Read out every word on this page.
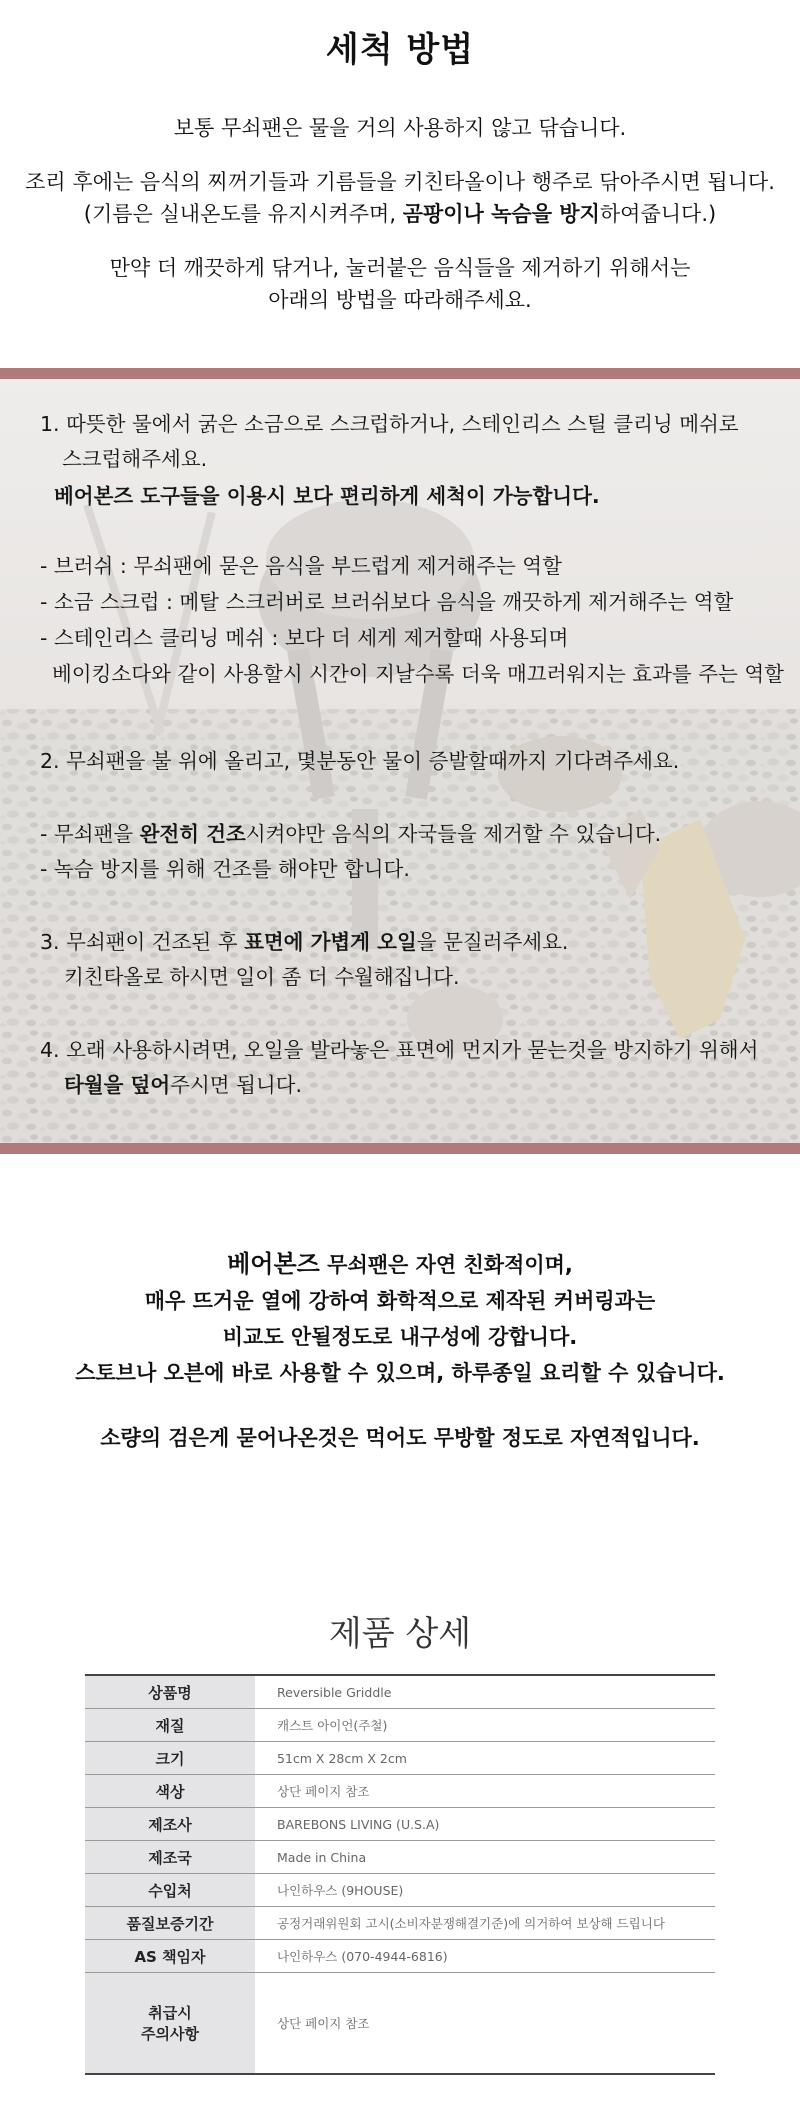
세척 방법

보통 무쇠팬은 물을 거의 사용하지 않고 닦습니다.

조리 후에는 음식의 찌꺼기들과 기름들을 키친타올이나 행주로 닦아주시면 됩니다.
(기름은 실내온도를 유지시켜주며, 곰팡이나 녹슴을 방지하여줍니다.)

만약 더 깨끗하게 닦거나, 눌러붙은 음식들을 제거하기 위해서는
아래의 방법을 따라해주세요.

1. 따뜻한 물에서 굵은 소금으로 스크럽하거나, 스테인리스 스틸 클리닝 메쉬로

스크럽해주세요.

베어본즈 도구들을 이용시 보다 편리하게 세척이 가능합니다.

- 브러쉬 : 무쇠팬에 묻은 음식을 부드럽게 제거해주는 역할

- 소금 스크럽 : 메탈 스크러버로 브러쉬보다 음식을 깨끗하게 제거해주는 역할

- 스테인리스 클리닝 메쉬 : 보다 더 세게 제거할때 사용되며

베이킹소다와 같이 사용할시 시간이 지날수록 더욱 매끄러워지는 효과를 주는 역할

2. 무쇠팬을 불 위에 올리고, 몇분동안 물이 증발할때까지 기다려주세요.

- 무쇠팬을 완전히 건조시켜야만 음식의 자국들을 제거할 수 있습니다.

- 녹슴 방지를 위해 건조를 해야만 합니다.

3. 무쇠팬이 건조된 후 표면에 가볍게 오일을 문질러주세요.

키친타올로 하시면 일이 좀 더 수월해집니다.

4. 오래 사용하시려면, 오일을 발라놓은 표면에 먼지가 묻는것을 방지하기 위해서

타월을 덮어주시면 됩니다.

베어본즈 무쇠팬은 자연 친화적이며,
매우 뜨거운 열에 강하여 화학적으로 제작된 커버링과는
비교도 안될정도로 내구성에 강합니다.
스토브나 오븐에 바로 사용할 수 있으며, 하루종일 요리할 수 있습니다.

소량의 검은게 묻어나온것은 먹어도 무방할 정도로 자연적입니다.

제품 상세
상품명	Reversible Griddle
재질	캐스트 아이언(주철)
크기	51cm X 28cm X 2cm
색상	상단 페이지 참조
제조사	BAREBONS LIVING (U.S.A)
제조국	Made in China
수입처	나인하우스 (9HOUSE)
품질보증기간	공정거래위원회 고시(소비자분쟁해결기준)에 의거하여 보상해 드립니다
AS 책임자	나인하우스 (070-4944-6816)
취급시
주의사항	상단 페이지 참조
